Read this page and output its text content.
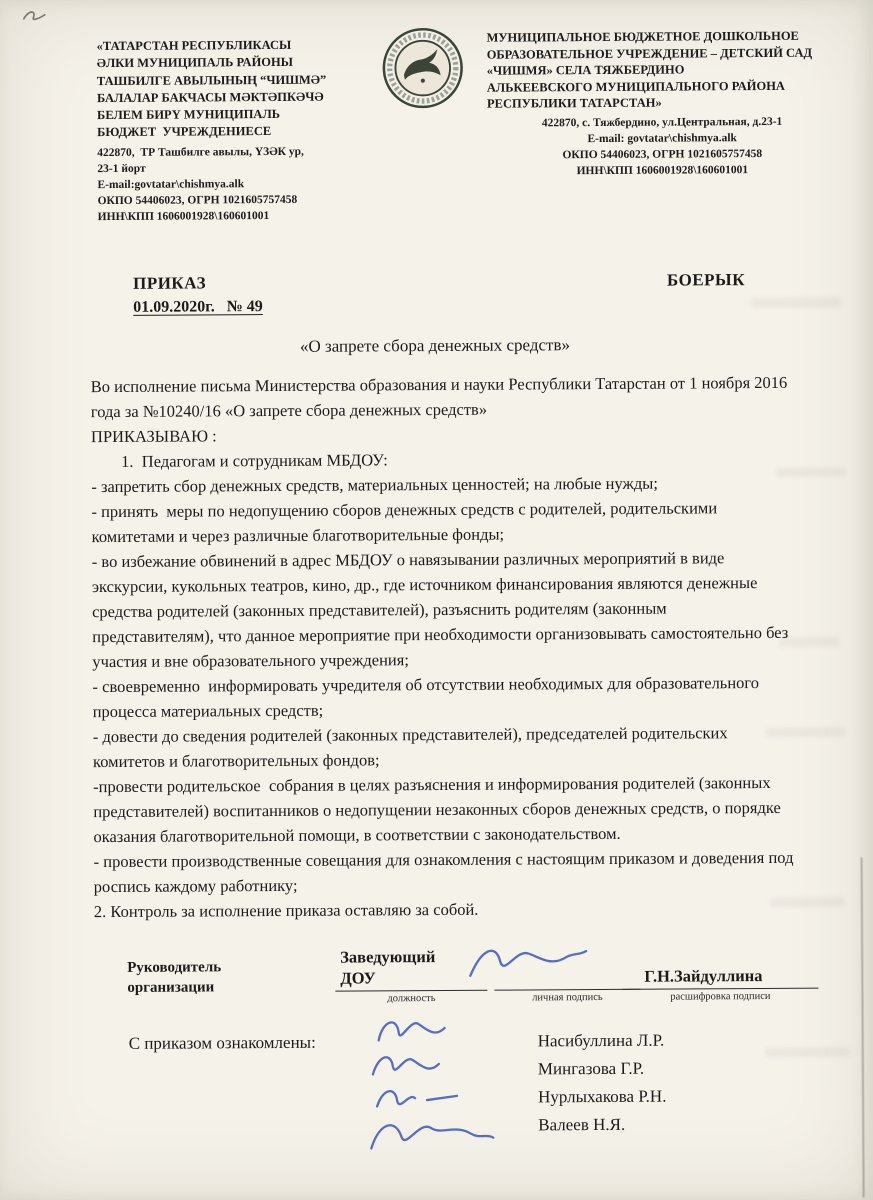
«ТАТАРСТАН РЕСПУБЛИКАСЫ
ӘЛКИ МУНИЦИПАЛЬ РАЙОНЫ
ТАШБИЛГЕ АВЫЛЫНЫҢ “ЧИШМӘ”
БАЛАЛАР БАКЧАСЫ МӘКТӘПКӘЧӘ
БЕЛЕМ БИРҮ МУНИЦИПАЛЬ
БЮДЖЕТ  УЧРЕЖДЕНИЕСЕ
422870,  ТР Ташбилге авылы, ҮЗӘК ур,
23-1 йорт
E-mail:govtatar\chishmya.alk
ОКПО 54406023, ОГРН 1021605757458
ИНН\КПП 1606001928\160601001
МУНИЦИПАЛЬНОЕ БЮДЖЕТНОЕ ДОШКОЛЬНОЕ
ОБРАЗОВАТЕЛЬНОЕ УЧРЕЖДЕНИЕ – ДЕТСКИЙ САД
«ЧИШМЯ» СЕЛА ТЯЖБЕРДИНО
АЛЬКЕЕВСКОГО МУНИЦИПАЛЬНОГО РАЙОНА
РЕСПУБЛИКИ ТАТАРСТАН»
422870, с. Тяжбердино, ул.Центральная, д.23-1
E-mail: govtatar\chishmya.alk
ОКПО 54406023, ОГРН 1021605757458
ИНН\КПП 1606001928\160601001
ПРИКАЗ	БОЕРЫК
01.09.2020г.   № 49
«О запрете сбора денежных средств»

Во исполнение письма Министерства образования и науки Республики Татарстан от 1 ноября 2016 года за №10240/16 «О запрете сбора денежных средств»

ПРИКАЗЫВАЮ :

1.  Педагогам и сотрудникам МБДОУ:

- запретить сбор денежных средств, материальных ценностей; на любые нужды;

- принять  меры по недопущению сборов денежных средств с родителей, родительскими комитетами и через различные благотворительные фонды;

- во избежание обвинений в адрес МБДОУ о навязывании различных мероприятий в виде экскурсии, кукольных театров, кино, др., где источником финансирования являются денежные средства родителей (законных представителей), разъяснить родителям (законным представителям), что данное мероприятие при необходимости организовывать самостоятельно без участия и вне образовательного учреждения;

- своевременно  информировать учредителя об отсутствии необходимых для образовательного процесса материальных средств;

- довести до сведения родителей (законных представителей), председателей родительских комитетов и благотворительных фондов;

-провести родительское  собрания в целях разъяснения и информирования родителей (законных представителей) воспитанников о недопущении незаконных сборов денежных средств, о порядке оказания благотворительной помощи, в соответствии с законодательством.

- провести производственные совещания для ознакомления с настоящим приказом и доведения под роспись каждому работнику;

2. Контроль за исполнение приказа оставляю за собой.

Руководитель организации
Заведующий ДОУ	Г.Н.Зайдуллина
должность	личная подпись	расшифровка подписи
С приказом ознакомлены:	Насибуллина Л.Р.
Мингазова Г.Р.
Нурлыхакова Р.Н.
Валеев Н.Я.
